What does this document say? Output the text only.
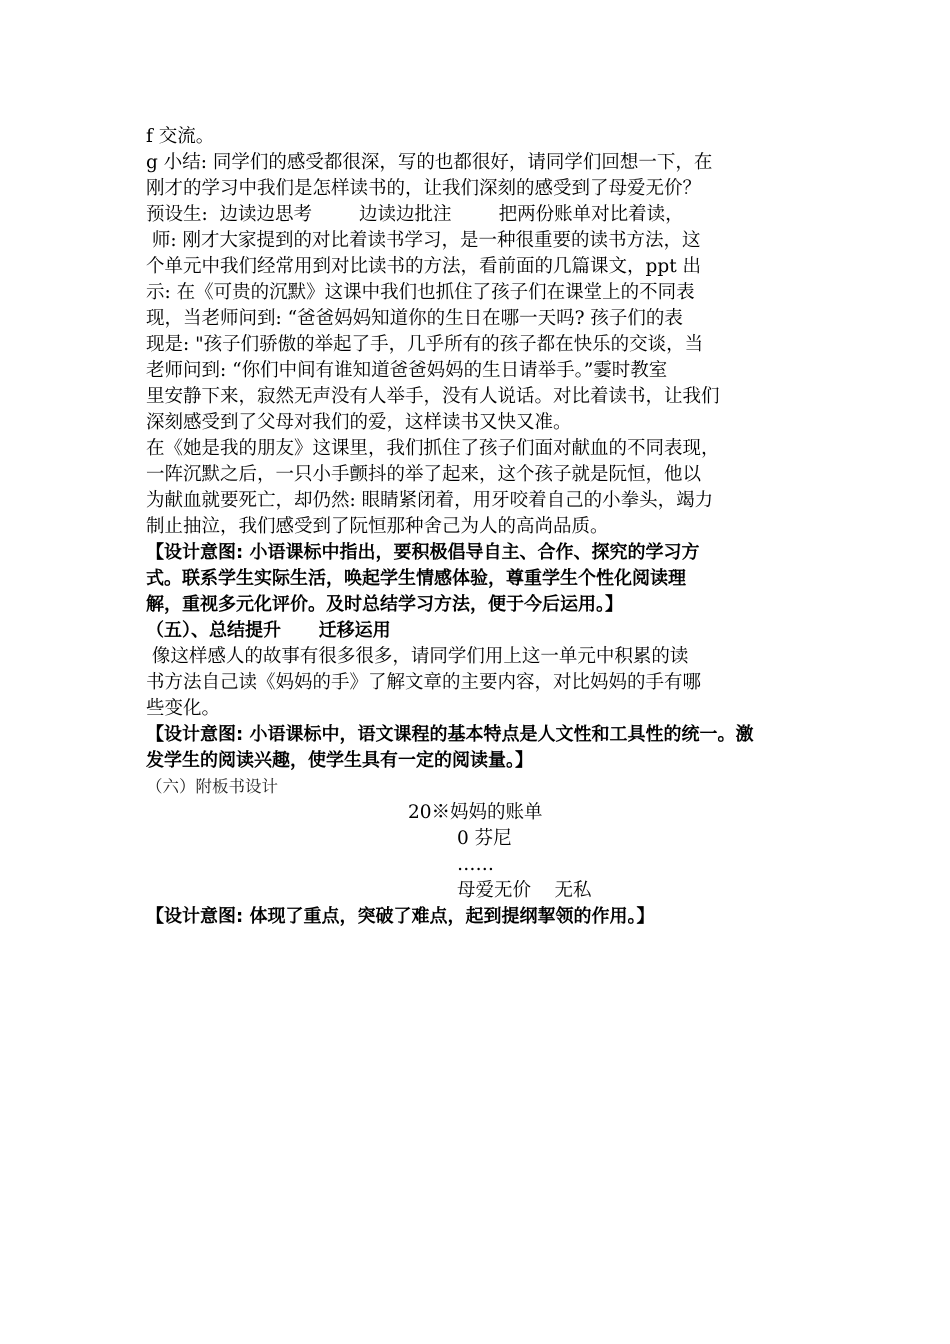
f 交流。
g 小结: 同学们的感受都很深，写的也都很好，请同学们回想一下，在
刚才的学习中我们是怎样读书的，让我们深刻的感受到了母爱无价？
预设生:  边读边思考        边读边批注        把两份账单对比着读，
师: 刚才大家提到的对比着读书学习，是一种很重要的读书方法，这
个单元中我们经常用到对比读书的方法，看前面的几篇课文，ppt 出
示: 在《可贵的沉默》这课中我们也抓住了孩子们在课堂上的不同表
现，当老师问到: “爸爸妈妈知道你的生日在哪一天吗? 孩子们的表
现是: "孩子们骄傲的举起了手，几乎所有的孩子都在快乐的交谈，当
老师问到: “你们中间有谁知道爸爸妈妈的生日请举手。”霎时教室
里安静下来，寂然无声没有人举手，没有人说话。对比着读书，让我们
深刻感受到了父母对我们的爱，这样读书又快又准。
在《她是我的朋友》这课里，我们抓住了孩子们面对献血的不同表现，
一阵沉默之后，一只小手颤抖的举了起来，这个孩子就是阮恒，他以
为献血就要死亡，却仍然: 眼睛紧闭着，用牙咬着自己的小拳头，竭力
制止抽泣，我们感受到了阮恒那种舍己为人的高尚品质。
【设计意图: 小语课标中指出，要积极倡导自主、合作、探究的学习方
式。联系学生实际生活，唤起学生情感体验，尊重学生个性化阅读理
解，重视多元化评价。及时总结学习方法，便于今后运用。】
（五）、总结提升      迁移运用
像这样感人的故事有很多很多，请同学们用上这一单元中积累的读
书方法自己读《妈妈的手》了解文章的主要内容，对比妈妈的手有哪
些变化。
【设计意图: 小语课标中，语文课程的基本特点是人文性和工具性的统一。激
发学生的阅读兴趣，使学生具有一定的阅读量。】
（六）附板书设计
20※妈妈的账单
0 芬尼
……
母爱无价    无私
【设计意图: 体现了重点，突破了难点，起到提纲挈领的作用。】
